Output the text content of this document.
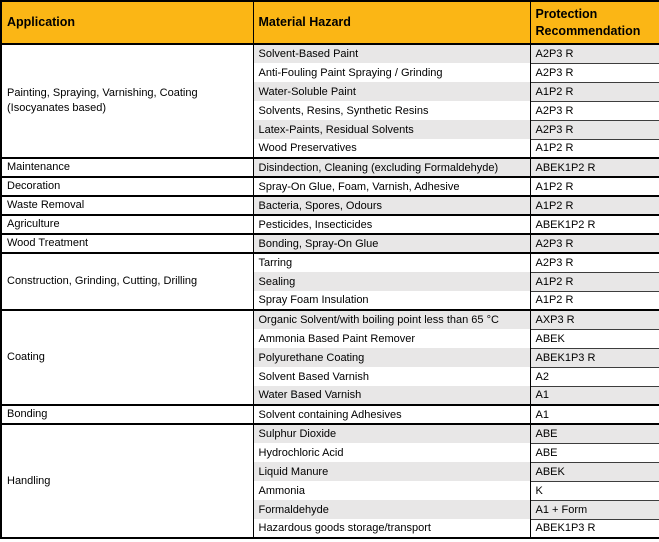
Application	Material Hazard	Protection Recommendation
Painting, Spraying, Varnishing, Coating (Isocyanates based)	Solvent-Based Paint	A2P3 R
	Anti-Fouling Paint Spraying / Grinding	A2P3 R
	Water-Soluble Paint	A1P2 R
	Solvents, Resins, Synthetic Resins	A2P3 R
	Latex-Paints, Residual Solvents	A2P3 R
	Wood Preservatives	A1P2 R
Maintenance	Disindection, Cleaning (excluding Formaldehyde)	ABEK1P2 R
Decoration	Spray-On Glue, Foam, Varnish, Adhesive	A1P2 R
Waste Removal	Bacteria, Spores, Odours	A1P2 R
Agriculture	Pesticides, Insecticides	ABEK1P2 R
Wood Treatment	Bonding, Spray-On Glue	A2P3 R
Construction, Grinding, Cutting, Drilling	Tarring	A2P3 R
	Sealing	A1P2 R
	Spray Foam Insulation	A1P2 R
Coating	Organic Solvent/with boiling point less than 65 °C	AXP3 R
	Ammonia Based Paint Remover	ABEK
	Polyurethane Coating	ABEK1P3 R
	Solvent Based Varnish	A2
	Water Based Varnish	A1
Bonding	Solvent containing Adhesives	A1
Handling	Sulphur Dioxide	ABE
	Hydrochloric Acid	ABE
	Liquid Manure	ABEK
	Ammonia	K
	Formaldehyde	A1 + Form
	Hazardous goods storage/transport	ABEK1P3 R
